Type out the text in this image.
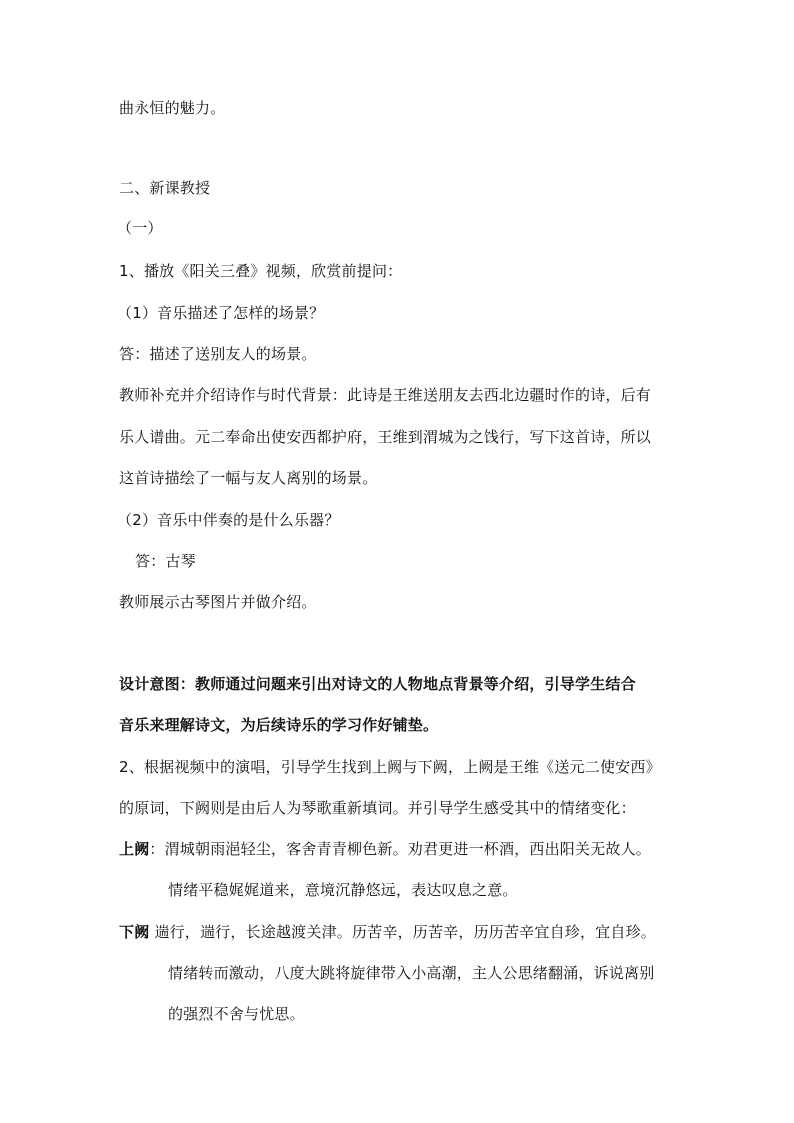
曲永恒的魅力。
二、新课教授
（一）
1、播放《阳关三叠》视频，欣赏前提问：
（1）音乐描述了怎样的场景？
答：描述了送别友人的场景。
教师补充并介绍诗作与时代背景：此诗是王维送朋友去西北边疆时作的诗，后有
乐人谱曲。元二奉命出使安西都护府，王维到渭城为之饯行，写下这首诗，所以
这首诗描绘了一幅与友人离别的场景。
（2）音乐中伴奏的是什么乐器？
答：古琴
教师展示古琴图片并做介绍。
设计意图：教师通过问题来引出对诗文的人物地点背景等介绍，引导学生结合
音乐来理解诗文，为后续诗乐的学习作好铺垫。
2、根据视频中的演唱，引导学生找到上阙与下阙，上阙是王维《送元二使安西》
的原词，下阙则是由后人为琴歌重新填词。并引导学生感受其中的情绪变化：
上阙：渭城朝雨浥轻尘，客舍青青柳色新。劝君更进一杯酒，西出阳关无故人。
情绪平稳娓娓道来，意境沉静悠远，表达叹息之意。
下阙 遄行，遄行，长途越渡关津。历苦辛，历苦辛，历历苦辛宜自珍，宜自珍。
情绪转而激动，八度大跳将旋律带入小高潮，主人公思绪翻涌，诉说离别
的强烈不舍与忧思。
